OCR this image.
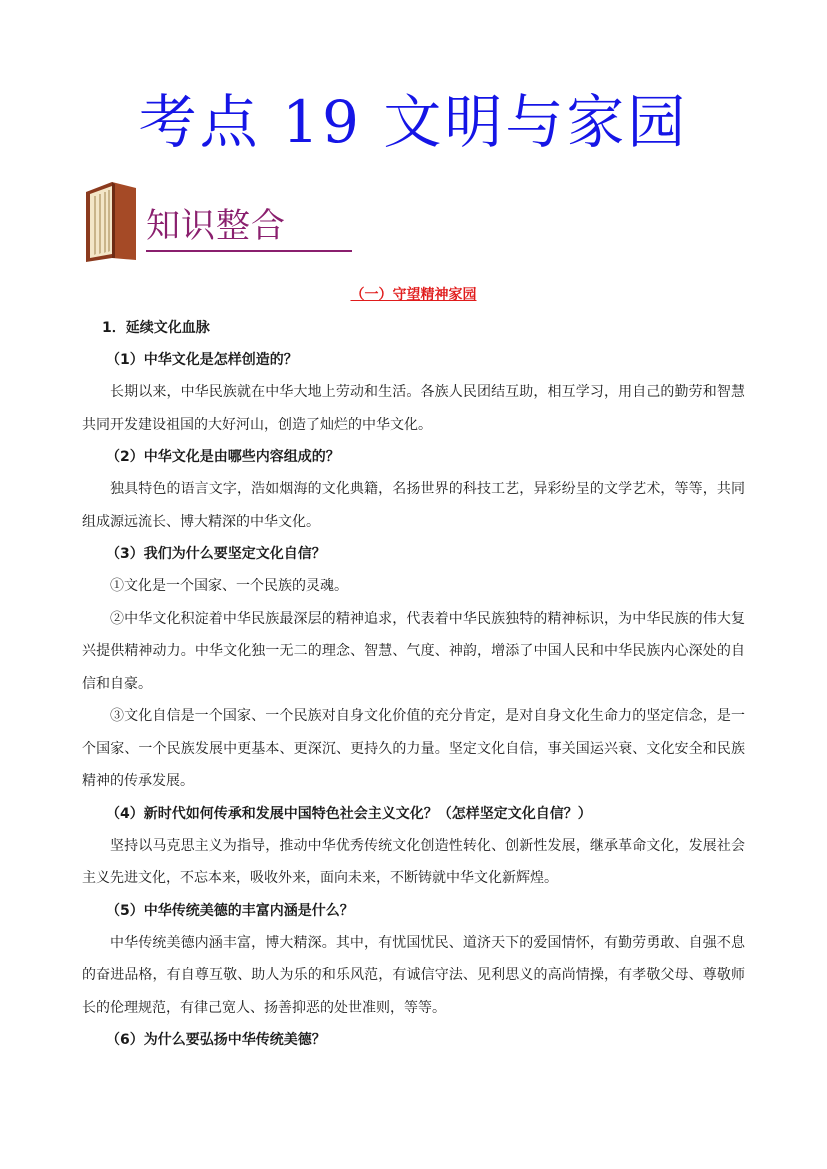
考点 19 文明与家园
知识整合
（一）守望精神家园
1．延续文化血脉
（1）中华文化是怎样创造的？

长期以来，中华民族就在中华大地上劳动和生活。各族人民团结互助，相互学习，用自己的勤劳和智慧共同开发建设祖国的大好河山，创造了灿烂的中华文化。

（2）中华文化是由哪些内容组成的？

独具特色的语言文字，浩如烟海的文化典籍，名扬世界的科技工艺，异彩纷呈的文学艺术，等等，共同组成源远流长、博大精深的中华文化。

（3）我们为什么要坚定文化自信？

①文化是一个国家、一个民族的灵魂。

②中华文化积淀着中华民族最深层的精神追求，代表着中华民族独特的精神标识，为中华民族的伟大复兴提供精神动力。中华文化独一无二的理念、智慧、气度、神韵，增添了中国人民和中华民族内心深处的自信和自豪。

③文化自信是一个国家、一个民族对自身文化价值的充分肯定，是对自身文化生命力的坚定信念，是一个国家、一个民族发展中更基本、更深沉、更持久的力量。坚定文化自信，事关国运兴衰、文化安全和民族精神的传承发展。

（4）新时代如何传承和发展中国特色社会主义文化？（怎样坚定文化自信？）

坚持以马克思主义为指导，推动中华优秀传统文化创造性转化、创新性发展，继承革命文化，发展社会主义先进文化，不忘本来，吸收外来，面向未来，不断铸就中华文化新辉煌。

（5）中华传统美德的丰富内涵是什么？

中华传统美德内涵丰富，博大精深。其中，有忧国忧民、道济天下的爱国情怀，有勤劳勇敢、自强不息的奋进品格，有自尊互敬、助人为乐的和乐风范，有诚信守法、见利思义的高尚情操，有孝敬父母、尊敬师长的伦理规范，有律己宽人、扬善抑恶的处世准则，等等。

（6）为什么要弘扬中华传统美德？
